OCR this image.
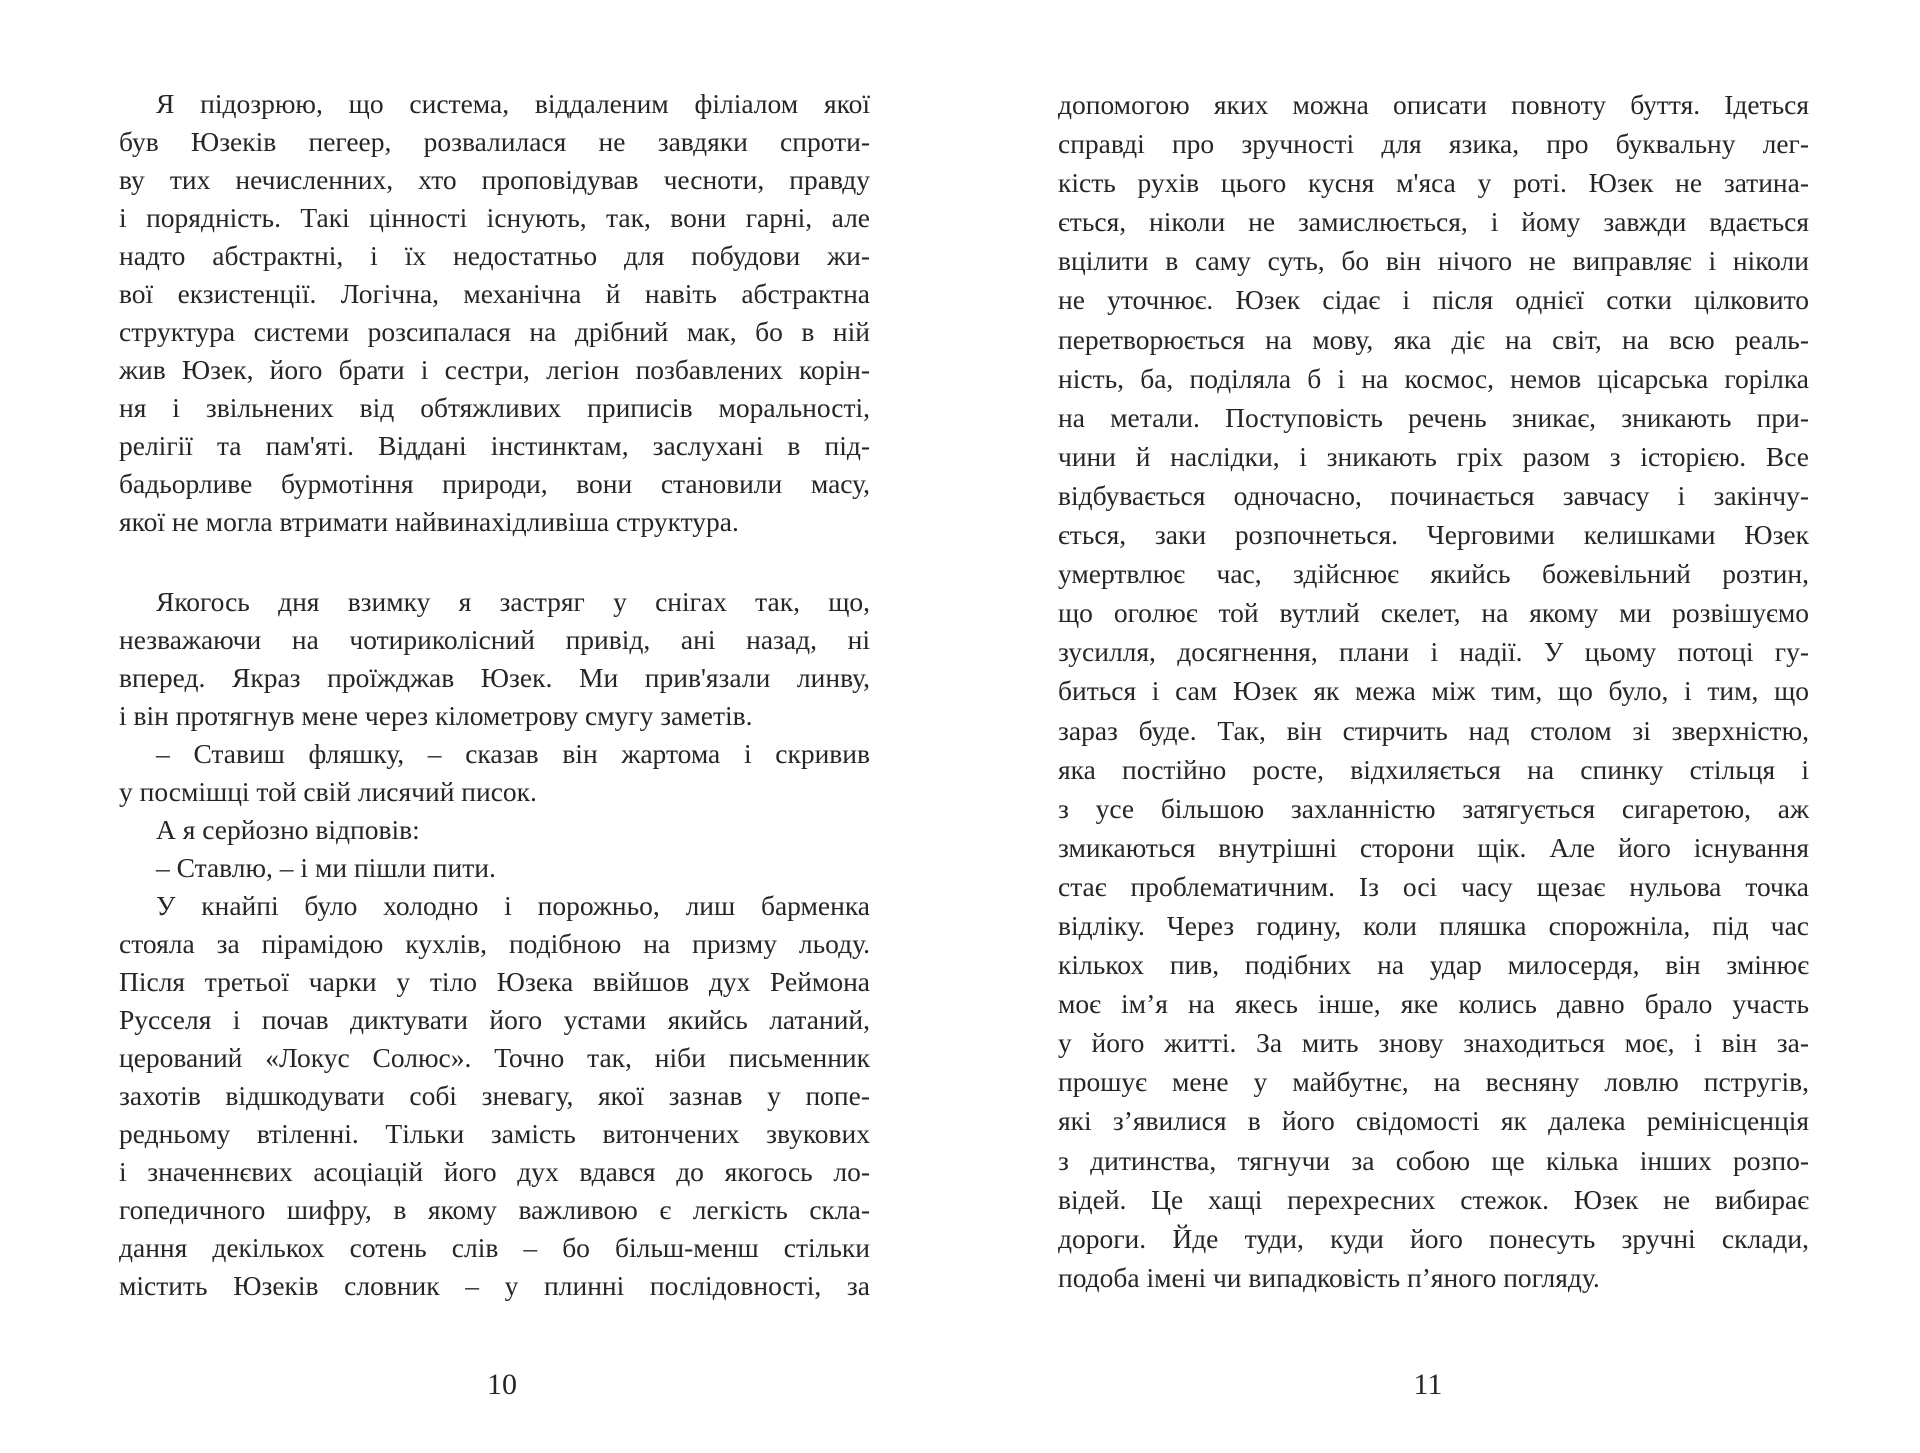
Я підозрюю, що система, віддаленим філіалом якої
був Юзеків пегеер, розвалилася не завдяки спроти-
ву тих нечисленних, хто проповідував чесноти, правду
і порядність. Такі цінності існують, так, вони гарні, але
надто абстрактні, і їх недостатньо для побудови жи-
вої екзистенції. Логічна, механічна й навіть абстрактна
структура системи розсипалася на дрібний мак, бо в ній
жив Юзек, його брати і сестри, легіон позбавлених корін-
ня і звільнених від обтяжливих приписів моральності,
релігії та пам'яті. Віддані інстинктам, заслухані в під-
бадьорливе бурмотіння природи, вони становили масу,
якої не могла втримати найвинахідливіша структура.
Якогось дня взимку я застряг у снігах так, що,
незважаючи на чотириколісний привід, ані назад, ні
вперед. Якраз проїжджав Юзек. Ми прив'язали линву,
і він протягнув мене через кілометрову смугу заметів.
– Ставиш фляшку, – сказав він жартома і скривив
у посмішці той свій лисячий писок.
А я серйозно відповів:
– Ставлю, – і ми пішли пити.
У кнайпі було холодно і порожньо, лиш барменка
стояла за пірамідою кухлів, подібною на призму льоду.
Після третьої чарки у тіло Юзека ввійшов дух Реймона
Русселя і почав диктувати його устами якийсь латаний,
церований «Локус Солюс». Точно так, ніби письменник
захотів відшкодувати собі зневагу, якої зазнав у попе-
редньому втіленні. Тільки замість витончених звукових
і значеннєвих асоціацій його дух вдався до якогось ло-
гопедичного шифру, в якому важливою є легкість скла-
дання декількох сотень слів – бо більш-менш стільки
містить Юзеків словник – у плинні послідовності, за
10
допомогою яких можна описати повноту буття. Ідеться
справді про зручності для язика, про буквальну лег-
кість рухів цього кусня м'яса у роті. Юзек не затина-
ється, ніколи не замислюється, і йому завжди вдається
вцілити в саму суть, бо він нічого не виправляє і ніколи
не уточнює. Юзек сідає і після однієї сотки цілковито
перетворюється на мову, яка діє на світ, на всю реаль-
ність, ба, поділяла б і на космос, немов цісарська горілка
на метали. Поступовість речень зникає, зникають при-
чини й наслідки, і зникають гріх разом з історією. Все
відбувається одночасно, починається завчасу і закінчу-
ється, заки розпочнеться. Черговими келишками Юзек
умертвлює час, здійснює якийсь божевільний розтин,
що оголює той вутлий скелет, на якому ми розвішуємо
зусилля, досягнення, плани і надії. У цьому потоці гу-
биться і сам Юзек як межа між тим, що було, і тим, що
зараз буде. Так, він стирчить над столом зі зверхністю,
яка постійно росте, відхиляється на спинку стільця і
з усе більшою захланністю затягується сигаретою, аж
змикаються внутрішні сторони щік. Але його існування
стає проблематичним. Із осі часу щезає нульова точка
відліку. Через годину, коли пляшка спорожніла, під час
кількох пив, подібних на удар милосердя, він змінює
моє ім’я на якесь інше, яке колись давно брало участь
у його житті. За мить знову знаходиться моє, і він за-
прошує мене у майбутнє, на весняну ловлю пстругів,
які з’явилися в його свідомості як далека ремінісценція
з дитинства, тягнучи за собою ще кілька інших розпо-
відей. Це хащі перехресних стежок. Юзек не вибирає
дороги. Йде туди, куди його понесуть зручні склади,
подоба імені чи випадковість п’яного погляду.
11
